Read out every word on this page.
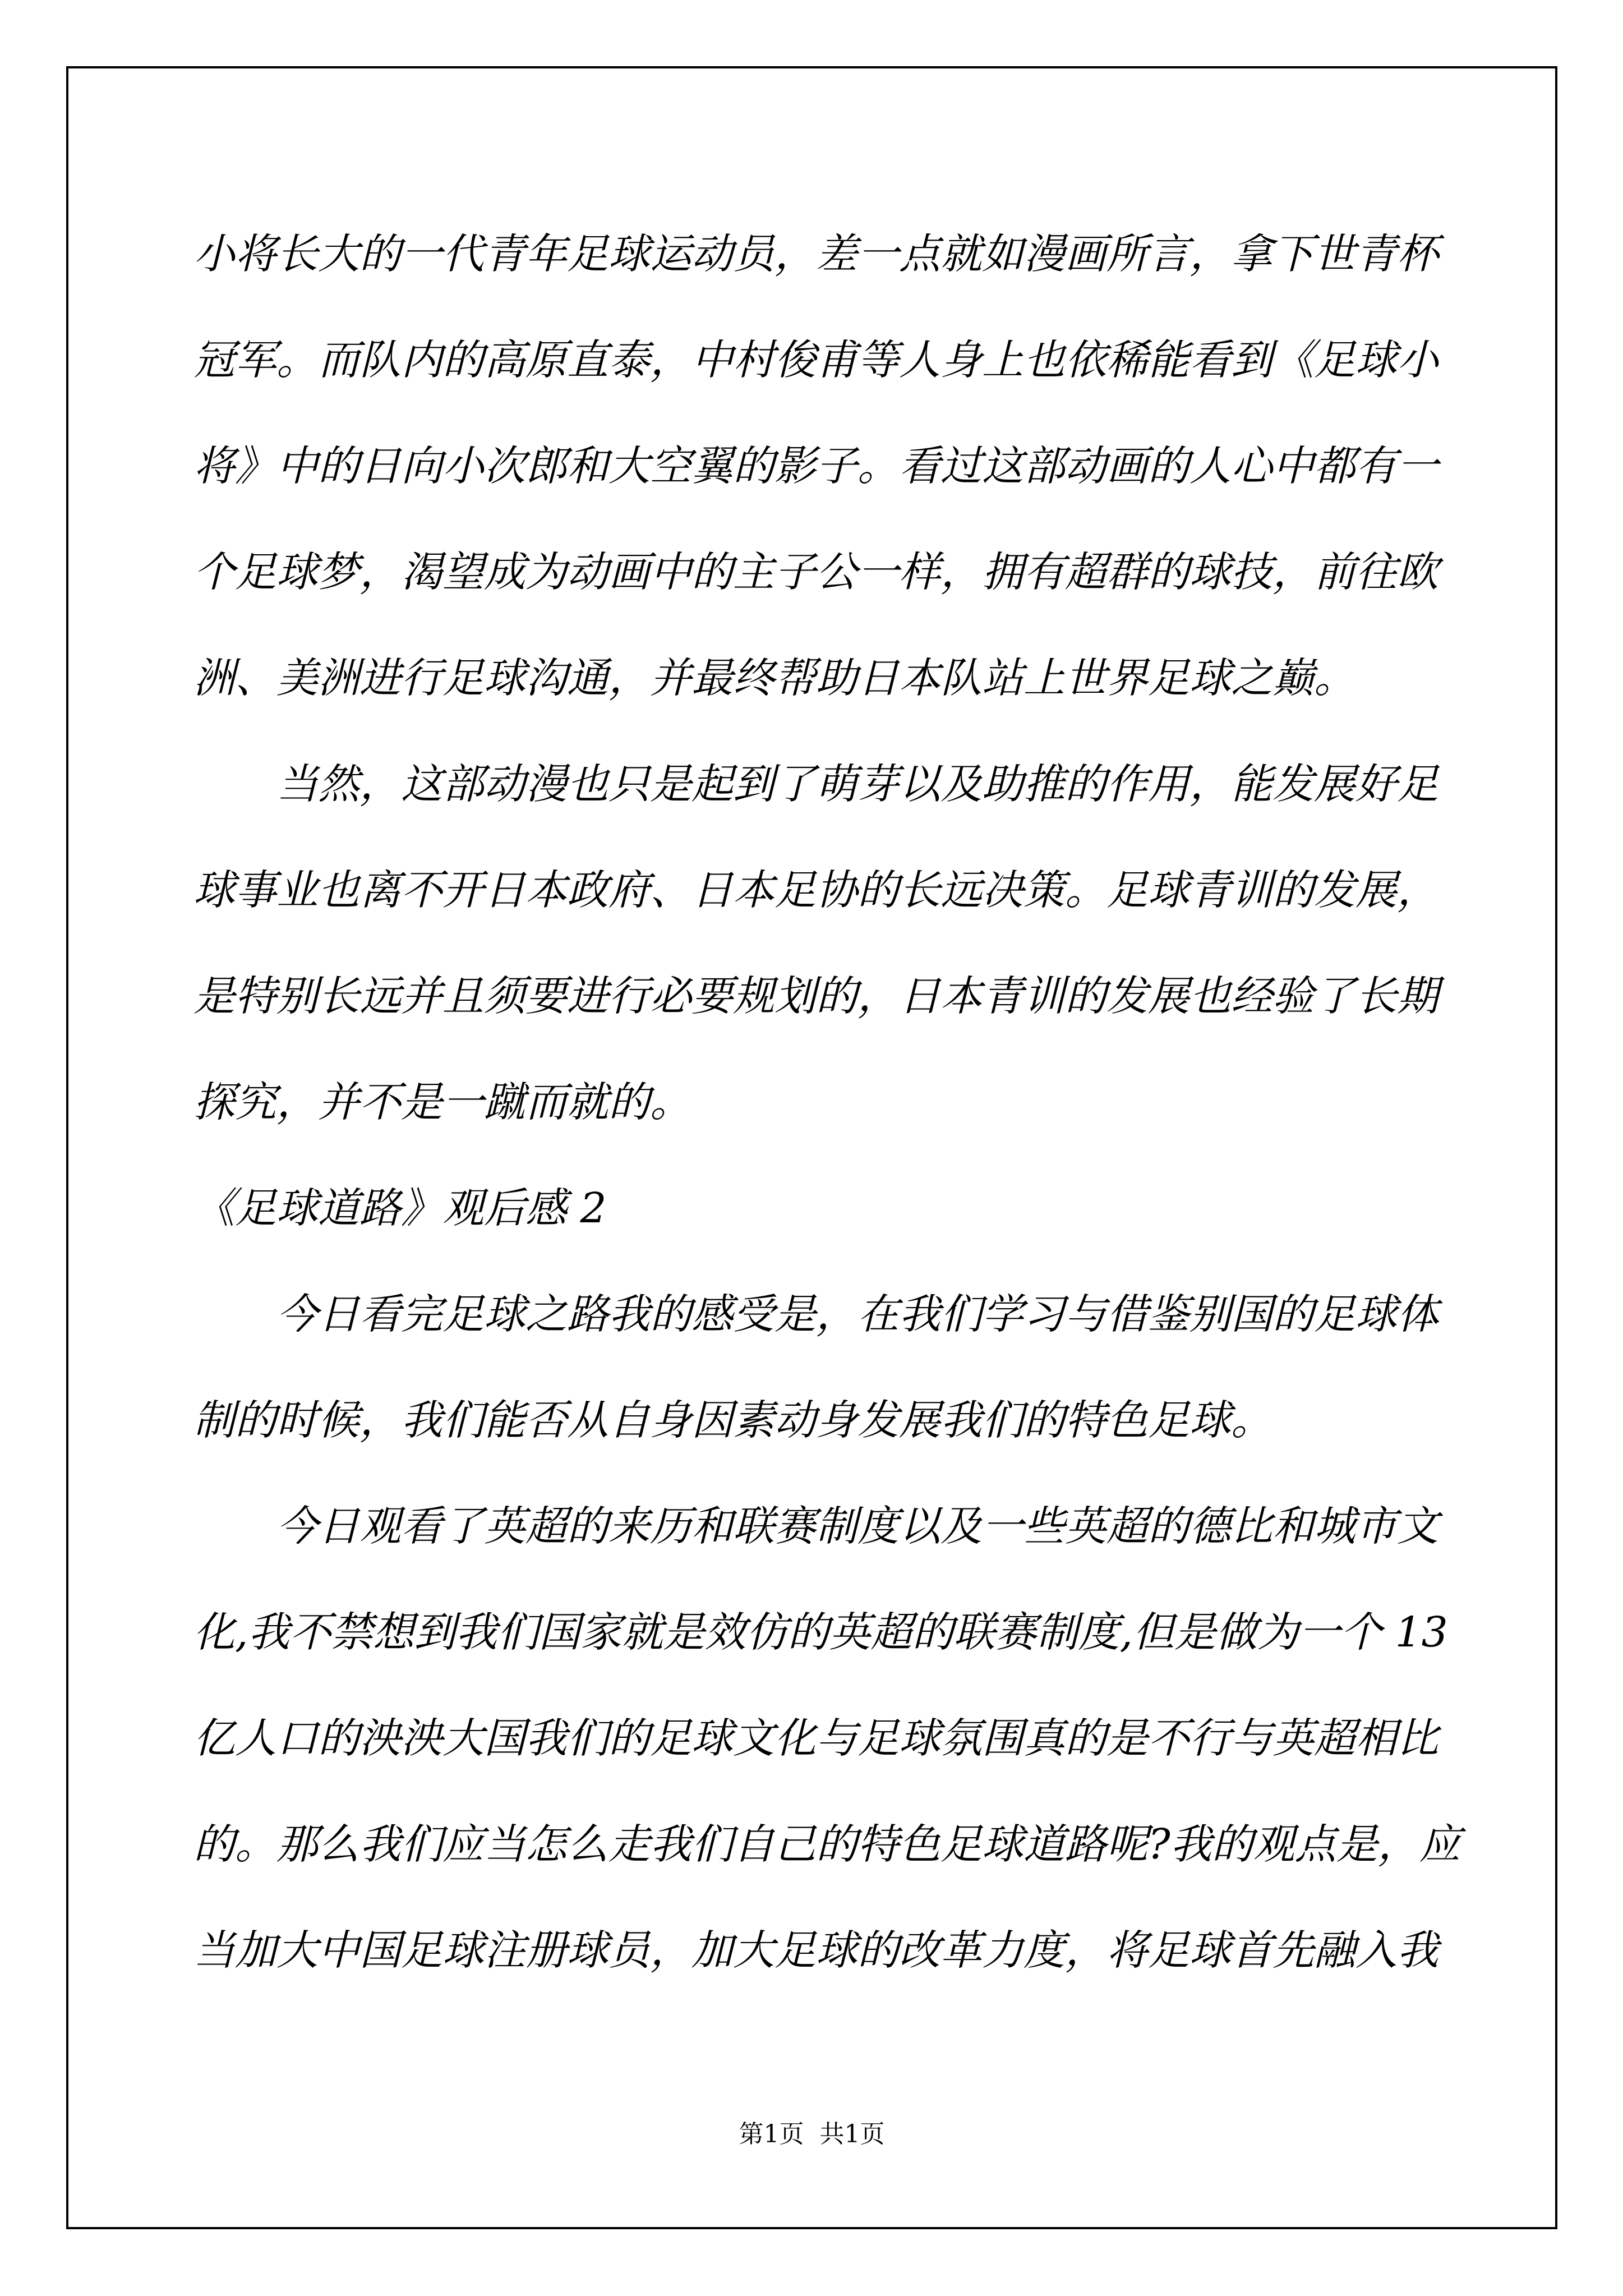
小将长大的一代青年足球运动员，差一点就如漫画所言，拿下世青杯
冠军。而队内的高原直泰，中村俊甫等人身上也依稀能看到《足球小
将》中的日向小次郎和大空翼的影子。看过这部动画的人心中都有一
个足球梦，渴望成为动画中的主子公一样，拥有超群的球技，前往欧
洲、美洲进行足球沟通，并最终帮助日本队站上世界足球之巅。
　　当然，这部动漫也只是起到了萌芽以及助推的作用，能发展好足
球事业也离不开日本政府、日本足协的长远决策。足球青训的发展，
是特别长远并且须要进行必要规划的，日本青训的发展也经验了长期
探究，并不是一蹴而就的。
《足球道路》观后感 2
　　今日看完足球之路我的感受是，在我们学习与借鉴别国的足球体
制的时候，我们能否从自身因素动身发展我们的特色足球。
　　今日观看了英超的来历和联赛制度以及一些英超的德比和城市文
化,我不禁想到我们国家就是效仿的英超的联赛制度,但是做为一个 13
亿人口的泱泱大国我们的足球文化与足球氛围真的是不行与英超相比
的。那么我们应当怎么走我们自己的特色足球道路呢?我的观点是，应
当加大中国足球注册球员，加大足球的改革力度，将足球首先融入我
第1页  共1页
